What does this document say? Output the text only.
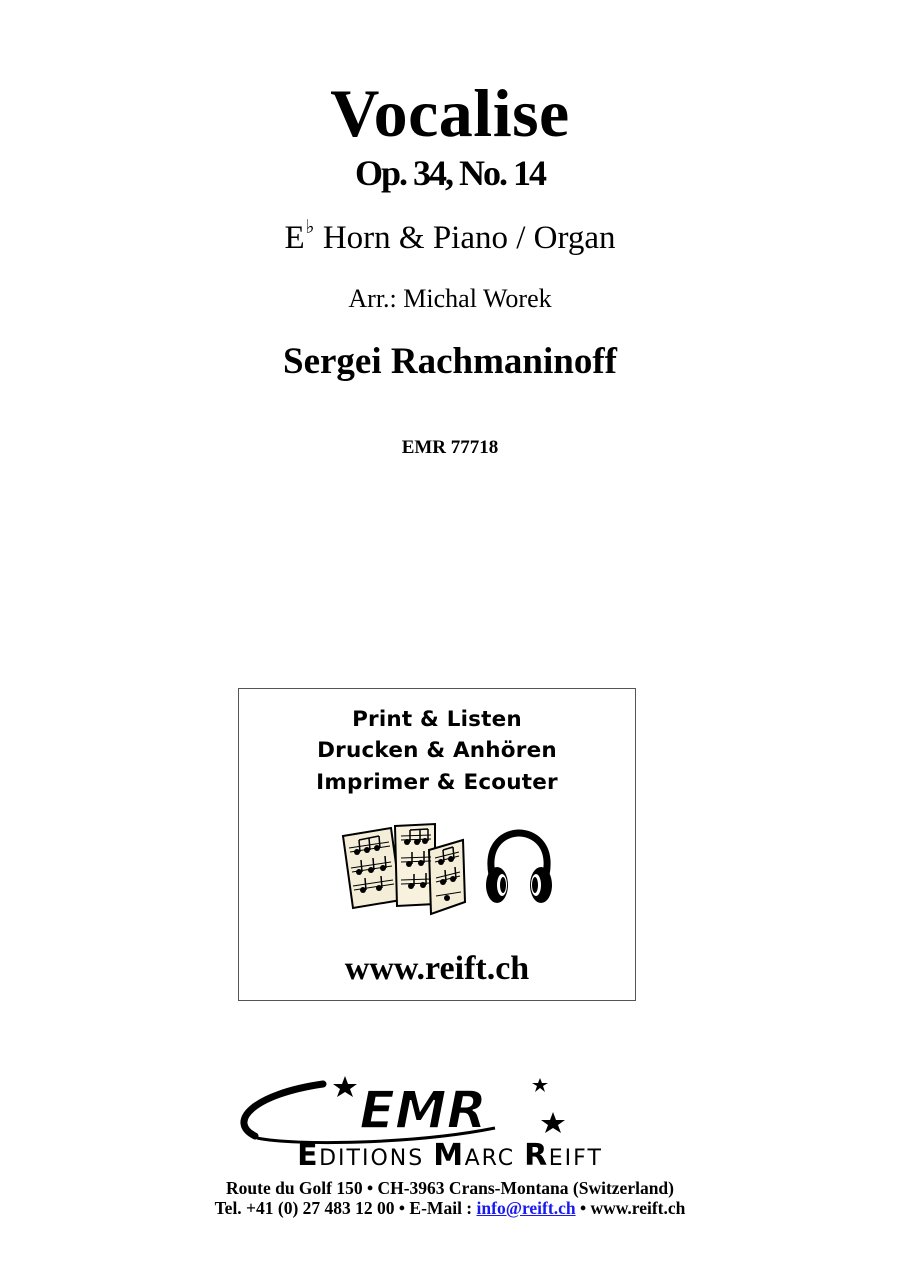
Vocalise
Op. 34, No. 14
E♭ Horn & Piano / Organ
Arr.: Michal Worek
Sergei Rachmaninoff
EMR 77718
Print & Listen
Drucken & Anhören
Imprimer & Ecouter
www.reift.ch
EMR
EDITIONS MARC REIFT
Route du Golf 150 • CH-3963 Crans-Montana (Switzerland)
Tel. +41 (0) 27 483 12 00 • E-Mail : info@reift.ch • www.reift.ch
